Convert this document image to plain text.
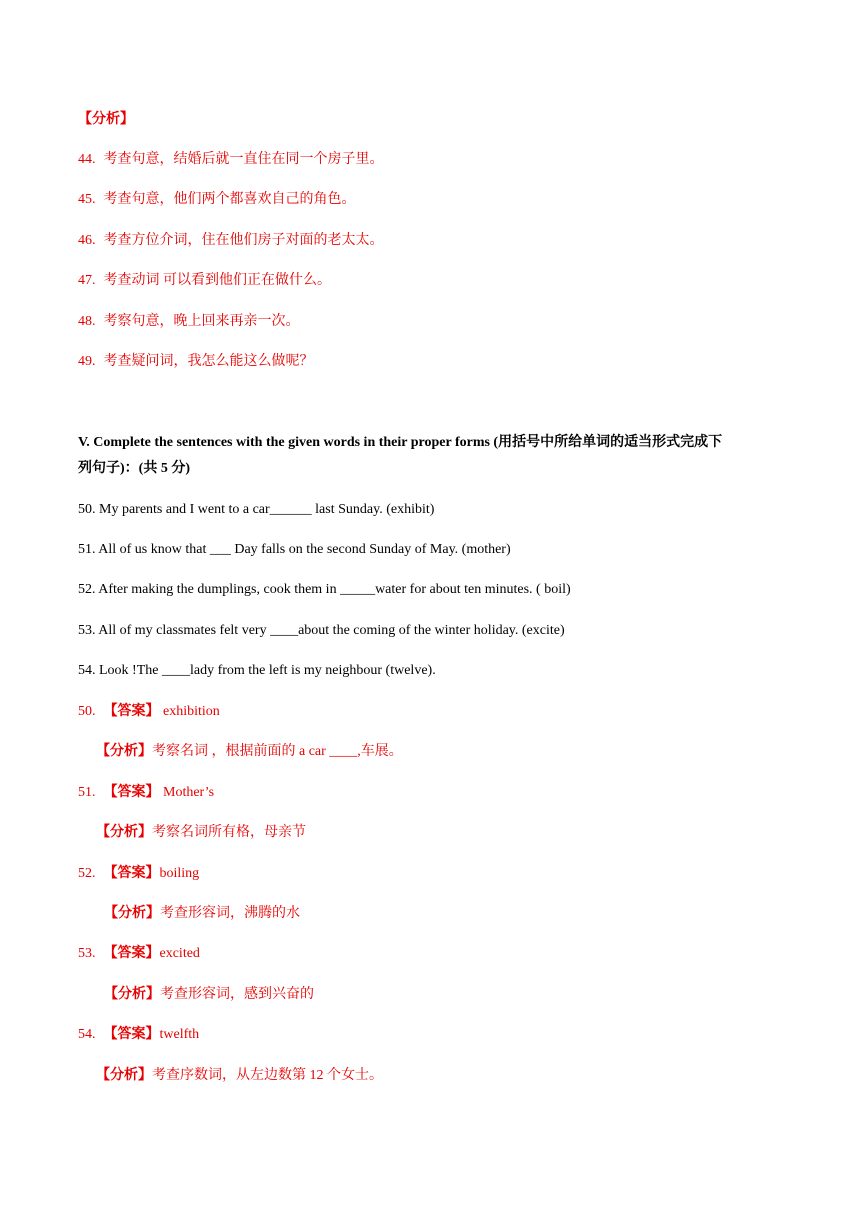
【分析】
44. 考查句意，结婚后就一直住在同一个房子里。
45. 考查句意，他们两个都喜欢自己的角色。
46. 考查方位介词，住在他们房子对面的老太太。
47. 考查动词 可以看到他们正在做什么。
48. 考察句意，晚上回来再亲一次。
49. 考查疑问词，我怎么能这么做呢？
V. Complete the sentences with the given words in their proper forms (用括号中所给单词的适当形式完成下
列句子)：(共 5 分)
50. My parents and I went to a car______ last Sunday. (exhibit)
51. All of us know that ___ Day falls on the second Sunday of May. (mother)
52. After making the dumplings, cook them in _____water for about ten minutes. ( boil)
53. All of my classmates felt very ____about the coming of the winter holiday. (excite)
54. Look !The ____lady from the left is my neighbour (twelve).
50. 【答案】 exhibition
【分析】考察名词 ，根据前面的 a car ____,车展。
51. 【答案】 Mother’s
【分析】考察名词所有格，母亲节
52. 【答案】boiling
【分析】考查形容词，沸腾的水
53. 【答案】excited
【分析】考查形容词，感到兴奋的
54. 【答案】twelfth
【分析】考查序数词，从左边数第 12 个女士。
